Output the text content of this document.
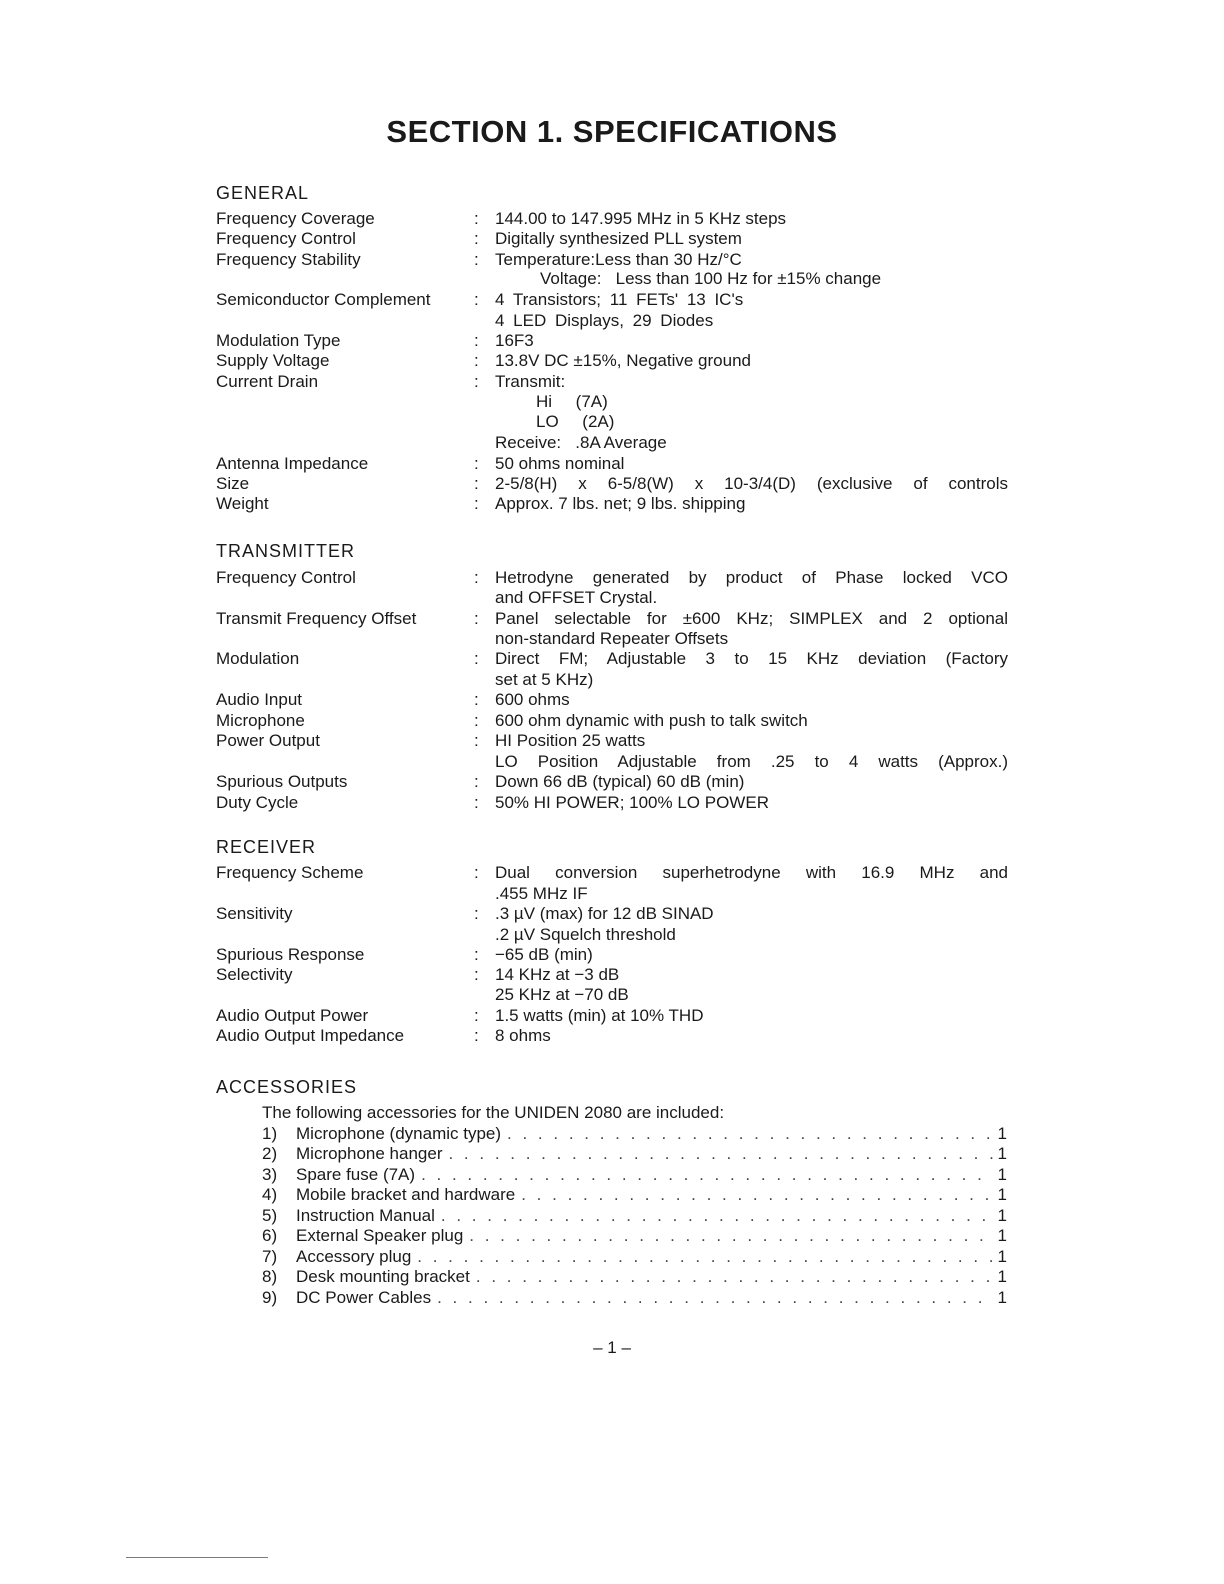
SECTION 1. SPECIFICATIONS
GENERAL
Frequency Coverage	: 144.00 to 147.995 MHz in 5 KHz steps
Frequency Control	: Digitally synthesized PLL system
Frequency Stability	: Temperature:Less than 30 Hz/°C
Voltage:   Less than 100 Hz for ±15% change
Semiconductor Complement	: 4 Transistors; 11 FETs' 13 IC's
4 LED Displays, 29 Diodes
Modulation Type	: 16F3
Supply Voltage	: 13.8V DC ±15%, Negative ground
Current Drain	: Transmit:
Hi     (7A)
LO     (2A)
Receive:   .8A Average
Antenna Impedance	: 50 ohms nominal
Size	: 2-5/8(H) x 6-5/8(W) x 10-3/4(D) (exclusive of controls
Weight	: Approx. 7 lbs. net; 9 lbs. shipping
TRANSMITTER
Frequency Control	: Hetrodyne generated by product of Phase locked VCO
and OFFSET Crystal.
Transmit Frequency Offset	: Panel selectable for ±600 KHz; SIMPLEX and 2 optional
non-standard Repeater Offsets
Modulation	: Direct FM; Adjustable 3 to 15 KHz deviation (Factory
set at 5 KHz)
Audio Input	: 600 ohms
Microphone	: 600 ohm dynamic with push to talk switch
Power Output	: HI Position 25 watts
LO Position Adjustable from .25 to 4 watts (Approx.)
Spurious Outputs	: Down 66 dB (typical) 60 dB (min)
Duty Cycle	: 50% HI POWER; 100% LO POWER
RECEIVER
Frequency Scheme	: Dual conversion superhetrodyne with 16.9 MHz and
.455 MHz IF
Sensitivity	: .3 µV (max) for 12 dB SINAD
.2 µV Squelch threshold
Spurious Response	: −65 dB (min)
Selectivity	: 14 KHz at −3 dB
25 KHz at −70 dB
Audio Output Power	: 1.5 watts (min) at 10% THD
Audio Output Impedance	: 8 ohms
ACCESSORIES
The following accessories for the UNIDEN 2080 are included:
1)	Microphone (dynamic type) . . .	1
2)	Microphone hanger . . .	1
3)	Spare fuse (7A) . . .	1
4)	Mobile bracket and hardware . . .	1
5)	Instruction Manual . . .	1
6)	External Speaker plug . . .	1
7)	Accessory plug . . .	1
8)	Desk mounting bracket . . .	1
9)	DC Power Cables . . .	1
– 1 –
